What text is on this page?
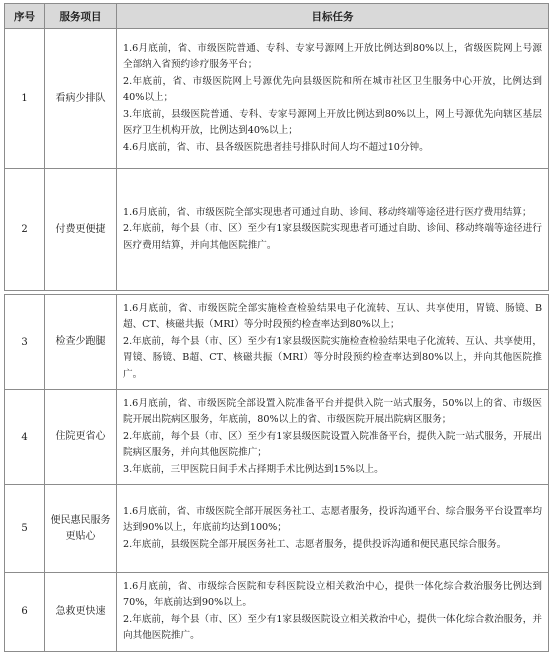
序号	服务项目	目标任务
1	看病少排队	1.6月底前，省、市级医院普通、专科、专家号源网上开放比例达到80%以上，省级医院网上号源全部纳入省预约诊疗服务平台；
2.年底前，省、市级医院网上号源优先向县级医院和所在城市社区卫生服务中心开放，比例达到40%以上；
3.年底前，县级医院普通、专科、专家号源网上开放比例达到80%以上，网上号源优先向辖区基层医疗卫生机构开放，比例达到40%以上；
4.6月底前，省、市、县各级医院患者挂号排队时间人均不超过10分钟。

2	付费更便捷	1.6月底前，省、市级医院全部实现患者可通过自助、诊间、移动终端等途径进行医疗费用结算；
2.年底前，每个县（市、区）至少有1家县级医院实现患者可通过自助、诊间、移动终端等途径进行医疗费用结算，并向其他医院推广。
3	检查少跑腿	1.6月底前，省、市级医院全部实施检查检验结果电子化流转、互认、共享使用，胃镜、肠镜、B超、CT、核磁共振（MRI）等分时段预约检查率达到80%以上；
2.年底前，每个县（市、区）至少有1家县级医院实施检查检验结果电子化流转、互认、共享使用，胃镜、肠镜、B超、CT、核磁共振（MRI）等分时段预约检查率达到80%以上，并向其他医院推广。

4	住院更省心	1.6月底前，省、市级医院全部设置入院准备平台并提供入院一站式服务，50%以上的省、市级医院开展出院病区服务，年底前，80%以上的省、市级医院开展出院病区服务；
2.年底前，每个县（市、区）至少有1家县级医院设置入院准备平台，提供入院一站式服务，开展出院病区服务，并向其他医院推广；
3.年底前，三甲医院日间手术占择期手术比例达到15%以上。

5	便民惠民服务更贴心	1.6月底前，省、市级医院全部开展医务社工、志愿者服务，投诉沟通平台、综合服务平台设置率均达到90%以上，年底前均达到100%；
2.年底前，县级医院全部开展医务社工、志愿者服务，提供投诉沟通和便民惠民综合服务。

6	急救更快速	1.6月底前，省、市级综合医院和专科医院设立相关救治中心，提供一体化综合救治服务比例达到70%，年底前达到90%以上。
2.年底前，每个县（市、区）至少有1家县级医院设立相关救治中心，提供一体化综合救治服务，并向其他医院推广。
